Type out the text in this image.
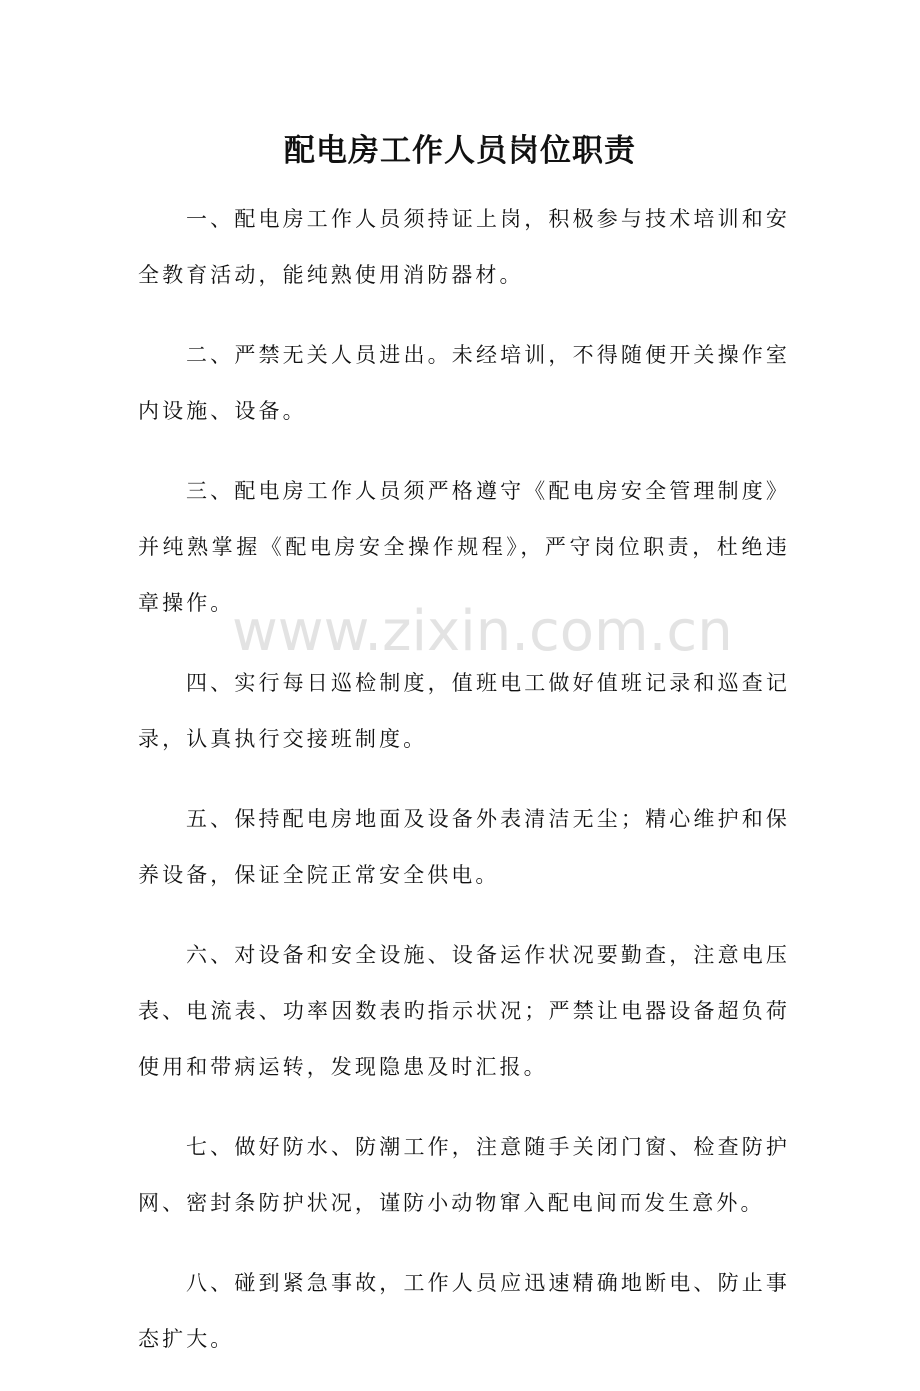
配电房工作人员岗位职责

一、配电房工作人员须持证上岗，积极参与技术培训和安全教育活动，能纯熟使用消防器材。

二、严禁无关人员进出。未经培训，不得随便开关操作室内设施、设备。

三、配电房工作人员须严格遵守《配电房安全管理制度》并纯熟掌握《配电房安全操作规程》，严守岗位职责，杜绝违章操作。

四、实行每日巡检制度，值班电工做好值班记录和巡查记录，认真执行交接班制度。

五、保持配电房地面及设备外表清洁无尘；精心维护和保养设备，保证全院正常安全供电。

六、对设备和安全设施、设备运作状况要勤查，注意电压表、电流表、功率因数表旳指示状况；严禁让电器设备超负荷使用和带病运转，发现隐患及时汇报。

七、做好防水、防潮工作，注意随手关闭门窗、检查防护网、密封条防护状况，谨防小动物窜入配电间而发生意外。

八、碰到紧急事故，工作人员应迅速精确地断电、防止事态扩大。

www.zixin.com.cn
